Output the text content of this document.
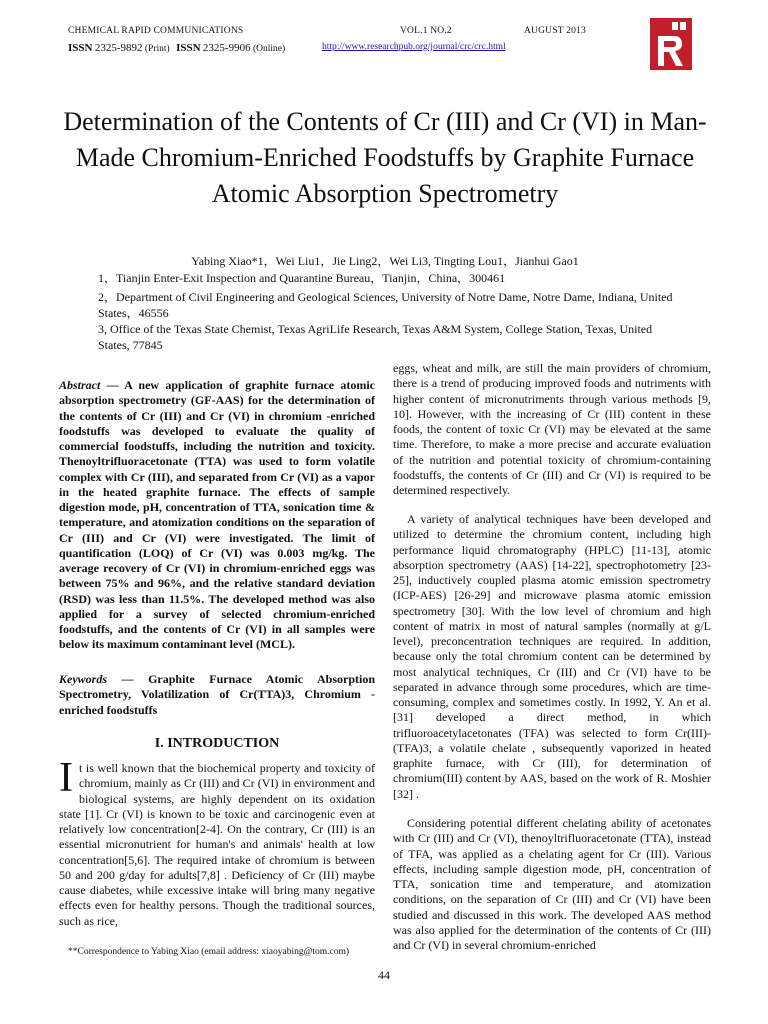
CHEMICAL RAPID COMMUNICATIONS	VOL.1 NO.2	AUGUST 2013
ISSN 2325-9892 (Print) ISSN 2325-9906 (Online)	http://www.researchpub.org/journal/crc/crc.html
Determination of the Contents of Cr (III) and Cr (VI) in Man-Made Chromium-Enriched Foodstuffs by Graphite Furnace Atomic Absorption Spectrometry
Yabing Xiao*1，Wei Liu1，Jie Ling2，Wei Li3, Tingting Lou1，Jianhui Gao1
1，Tianjin Enter-Exit Inspection and Quarantine Bureau，Tianjin，China，300461
2，Department of Civil Engineering and Geological Sciences, University of Notre Dame, Notre Dame, Indiana, United States，46556
3, Office of the Texas State Chemist, Texas AgriLife Research, Texas A&M System, College Station, Texas, United States, 77845
Abstract — A new application of graphite furnace atomic absorption spectrometry (GF-AAS) for the determination of the contents of Cr (III) and Cr (VI) in chromium -enriched foodstuffs was developed to evaluate the quality of commercial foodstuffs, including the nutrition and toxicity. Thenoyltrifluoracetonate (TTA) was used to form volatile complex with Cr (III), and separated from Cr (VI) as a vapor in the heated graphite furnace. The effects of sample digestion mode, pH, concentration of TTA, sonication time & temperature, and atomization conditions on the separation of Cr (III) and Cr (VI) were investigated. The limit of quantification (LOQ) of Cr (VI) was 0.003 mg/kg. The average recovery of Cr (VI) in chromium-enriched eggs was between 75% and 96%, and the relative standard deviation (RSD) was less than 11.5%. The developed method was also applied for a survey of selected chromium-enriched foodstuffs, and the contents of Cr (VI) in all samples were below its maximum contaminant level (MCL).
Keywords — Graphite Furnace Atomic Absorption Spectrometry, Volatilization of Cr(TTA)3, Chromium -enriched foodstuffs
I. INTRODUCTION
It is well known that the biochemical property and toxicity of chromium, mainly as Cr (III) and Cr (VI) in environment and biological systems, are highly dependent on its oxidation state [1]. Cr (VI) is known to be toxic and carcinogenic even at relatively low concentration[2-4]. On the contrary, Cr (III) is an essential micronutrient for human's and animals' health at low concentration[5,6]. The required intake of chromium is between 50 and 200 g/day for adults[7,8] . Deficiency of Cr (III) maybe cause diabetes, while excessive intake will bring many negative effects even for healthy persons. Though the traditional sources, such as rice,
eggs, wheat and milk, are still the main providers of chromium, there is a trend of producing improved foods and nutriments with higher content of micronutriments through various methods [9, 10]. However, with the increasing of Cr (III) content in these foods, the content of toxic Cr (VI) may be elevated at the same time. Therefore, to make a more precise and accurate evaluation of the nutrition and potential toxicity of chromium-containing foodstuffs, the contents of Cr (III) and Cr (VI) is required to be determined respectively.
A variety of analytical techniques have been developed and utilized to determine the chromium content, including high performance liquid chromatography (HPLC) [11-13], atomic absorption spectrometry (AAS) [14-22], spectrophotometry [23-25], inductively coupled plasma atomic emission spectrometry (ICP-AES) [26-29] and microwave plasma atomic emission spectrometry [30]. With the low level of chromium and high content of matrix in most of natural samples (normally at g/L level), preconcentration techniques are required. In addition, because only the total chromium content can be determined by most analytical techniques, Cr (III) and Cr (VI) have to be separated in advance through some procedures, which are time-consuming, complex and sometimes costly. In 1992, Y. An et al.[31] developed a direct method, in which trifluoroacetylacetonates (TFA) was selected to form Cr(III)-(TFA)3, a volatile chelate , subsequently vaporized in heated graphite furnace, with Cr (III), for determination of chromium(III) content by AAS, based on the work of R. Moshier [32] .
Considering potential different chelating ability of acetonates with Cr (III) and Cr (VI), thenoyltrifluoracetonate (TTA), instead of TFA, was applied as a chelating agent for Cr (III). Various effects, including sample digestion mode, pH, concentration of TTA, sonication time and temperature, and atomization conditions, on the separation of Cr (III) and Cr (VI) have been studied and discussed in this work. The developed AAS method was also applied for the determination of the contents of Cr (III) and Cr (VI) in several chromium-enriched
**Correspondence to Yabing Xiao (email address: xiaoyabing@tom.com)
44
